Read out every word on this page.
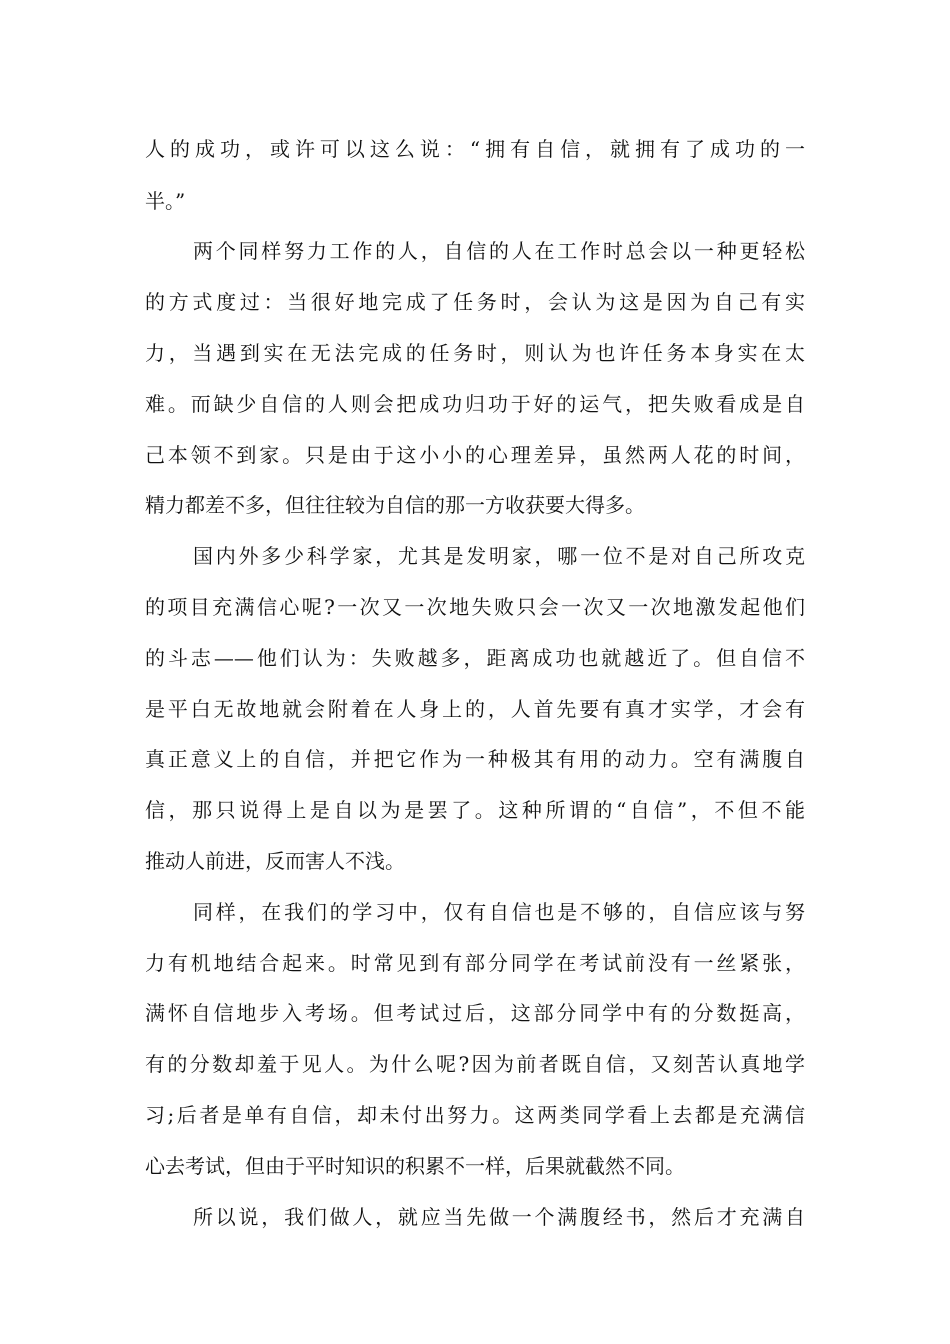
人的成功，或许可以这么说：“拥有自信，就拥有了成功的一
半。”
两个同样努力工作的人，自信的人在工作时总会以一种更轻松
的方式度过：当很好地完成了任务时，会认为这是因为自己有实
力，当遇到实在无法完成的任务时，则认为也许任务本身实在太
难。而缺少自信的人则会把成功归功于好的运气，把失败看成是自
己本领不到家。只是由于这小小的心理差异，虽然两人花的时间，
精力都差不多，但往往较为自信的那一方收获要大得多。
国内外多少科学家，尤其是发明家，哪一位不是对自己所攻克
的项目充满信心呢?一次又一次地失败只会一次又一次地激发起他们
的斗志——他们认为：失败越多，距离成功也就越近了。但自信不
是平白无故地就会附着在人身上的，人首先要有真才实学，才会有
真正意义上的自信，并把它作为一种极其有用的动力。空有满腹自
信，那只说得上是自以为是罢了。这种所谓的“自信”，不但不能
推动人前进，反而害人不浅。
同样，在我们的学习中，仅有自信也是不够的，自信应该与努
力有机地结合起来。时常见到有部分同学在考试前没有一丝紧张，
满怀自信地步入考场。但考试过后，这部分同学中有的分数挺高，
有的分数却羞于见人。为什么呢?因为前者既自信，又刻苦认真地学
习;后者是单有自信，却未付出努力。这两类同学看上去都是充满信
心去考试，但由于平时知识的积累不一样，后果就截然不同。
所以说，我们做人，就应当先做一个满腹经书，然后才充满自
